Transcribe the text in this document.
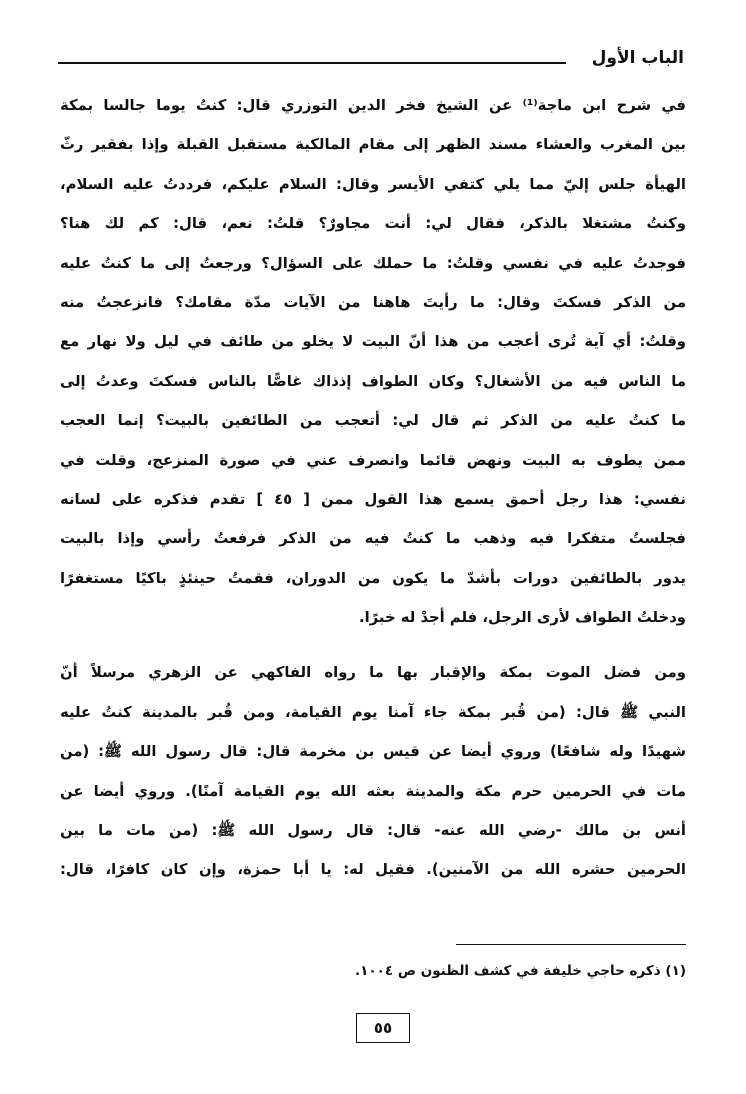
الباب الأول
في شرح ابن ماجة⁽¹⁾ عن الشيخ فخر الدين التوزري قال: كنتُ يوما جالسا بمكة
بين المغرب والعشاء مسند الظهر إلى مقام المالكية مستقبل القبلة وإذا بفقير رثّ
الهيأة جلس إليّ مما يلي كتفي الأيسر وقال: السلام عليكم، فرددتُ عليه السلام،
وكنتُ مشتغلا بالذكر، فقال لي: أنت مجاورٌ؟ قلتُ: نعم، قال: كم لك هنا؟
فوجدتُ عليه في نفسي وقلتُ: ما حملك على السؤال؟ ورجعتُ إلى ما كنتُ عليه
من الذكر فسكتَ وقال: ما رأيتَ هاهنا من الآيات مدّة مقامك؟ فانزعجتُ منه
وقلتُ: أي آية تُرى أعجب من هذا أنّ البيت لا يخلو من طائف في ليل ولا نهار مع
ما الناس فيه من الأشغال؟ وكان الطواف إذذاك غاصًّا بالناس فسكتَ وعدتُ إلى
ما كنتُ عليه من الذكر ثم قال لي: أتعجب من الطائفين بالبيت؟ إنما العجب
ممن يطوف به البيت ونهض قائما وانصرف عني في صورة المنزعج، وقلت في
نفسي: هذا رجل أحمق يسمع هذا القول ممن [ ٤٥ ] تقدم فذكره على لسانه
فجلستُ متفكرا فيه وذهب ما كنتُ فيه من الذكر فرفعتُ رأسي وإذا بالبيت
يدور بالطائفين دورات بأشدّ ما يكون من الدوران، فقمتُ حينئذٍ باكيًا مستغفرًا
ودخلتُ الطواف لأرى الرجل، فلم أجدْ له خبرًا.
ومن فضل الموت بمكة والإقبار بها ما رواه الفاكهي عن الزهري مرسلاً أنّ
النبي ﷺ قال: (من قُبر بمكة جاء آمنا يوم القيامة، ومن قُبر بالمدينة كنتُ عليه
شهيدًا وله شافعًا) وروي أيضا عن قيس بن مخرمة قال: قال رسول الله ﷺ: (من
مات في الحرمين حرم مكة والمدينة بعثه الله يوم القيامة آمنًا). وروي أيضا عن
أنس بن مالك -رضي الله عنه- قال: قال رسول الله ﷺ: (من مات ما بين
الحرمين حشره الله من الآمنين). فقيل له: يا أبا حمزة، وإن كان كافرًا، قال:
(١) ذكره حاجي خليفة في كشف الظنون ص ١٠٠٤.
٥٥
